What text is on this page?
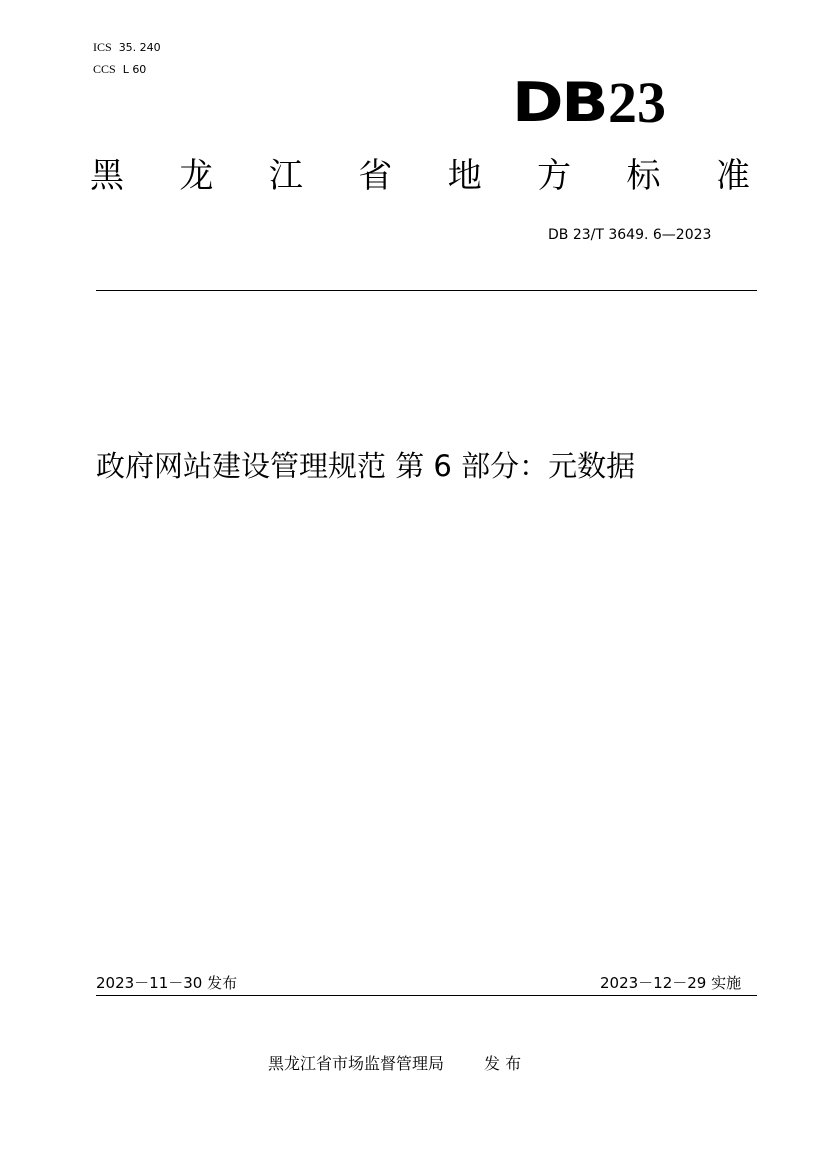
ICS 35. 240
CCS L 60
DB 23
黑 龙 江 省 地 方 标 准
DB 23/T 3649. 6—2023
政府网站建设管理规范 第 6 部分：元数据
2023－11－30 发布	2023－12－29 实施
黑龙江省市场监督管理局	发 布
